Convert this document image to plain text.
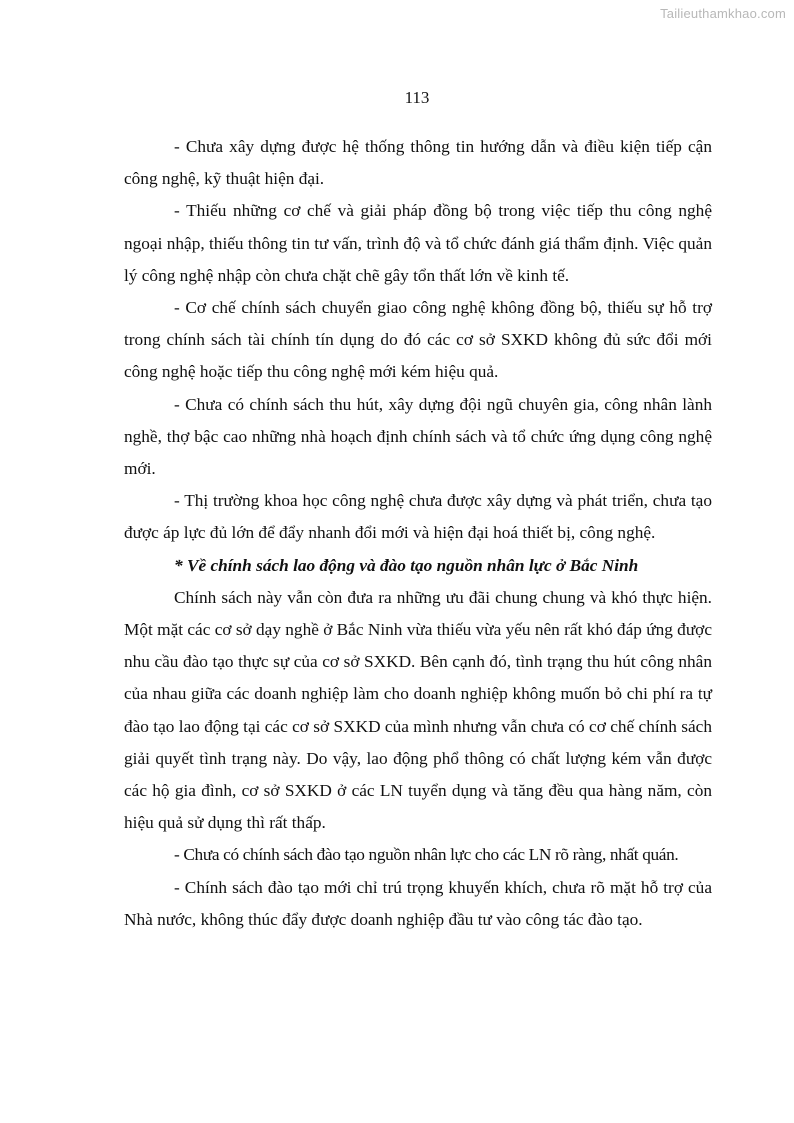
Tailieuthamkhao.com
113

- Chưa xây dựng được hệ thống thông tin hướng dẫn và điều kiện tiếp cận công nghệ, kỹ thuật hiện đại.

- Thiếu những cơ chế và giải pháp đồng bộ trong việc tiếp thu công nghệ ngoại nhập, thiếu thông tin tư vấn, trình độ và tổ chức đánh giá thẩm định. Việc quản lý công nghệ nhập còn chưa chặt chẽ gây tổn thất lớn về kinh tế.

- Cơ chế chính sách chuyển giao công nghệ không đồng bộ, thiếu sự hỗ trợ trong chính sách tài chính tín dụng do đó các cơ sở SXKD không đủ sức đổi mới công nghệ hoặc tiếp thu công nghệ mới kém hiệu quả.

- Chưa có chính sách thu hút, xây dựng đội ngũ chuyên gia, công nhân lành nghề, thợ bậc cao những nhà hoạch định chính sách và tổ chức ứng dụng công nghệ mới.

- Thị trường khoa học công nghệ chưa được xây dựng và phát triển, chưa tạo được áp lực đủ lớn để đẩy nhanh đổi mới và hiện đại hoá thiết bị, công nghệ.

* Về chính sách lao động và đào tạo nguồn nhân lực ở Bắc Ninh

Chính sách này vẫn còn đưa ra những ưu đãi chung chung và khó thực hiện. Một mặt các cơ sở dạy nghề ở Bắc Ninh vừa thiếu vừa yếu nên rất khó đáp ứng được nhu cầu đào tạo thực sự của cơ sở SXKD. Bên cạnh đó, tình trạng thu hút công nhân của nhau giữa các doanh nghiệp làm cho doanh nghiệp không muốn bỏ chi phí ra tự đào tạo lao động tại các cơ sở SXKD của mình nhưng vẫn chưa có cơ chế chính sách giải quyết tình trạng này. Do vậy, lao động phổ thông có chất lượng kém vẫn được các hộ gia đình, cơ sở SXKD ở các LN tuyển dụng và tăng đều qua hàng năm, còn hiệu quả sử dụng thì rất thấp.

- Chưa có chính sách đào tạo nguồn nhân lực cho các LN rõ ràng, nhất quán.

- Chính sách đào tạo mới chỉ trú trọng khuyến khích, chưa rõ mặt hỗ trợ của Nhà nước, không thúc đẩy được doanh nghiệp đầu tư vào công tác đào tạo.
